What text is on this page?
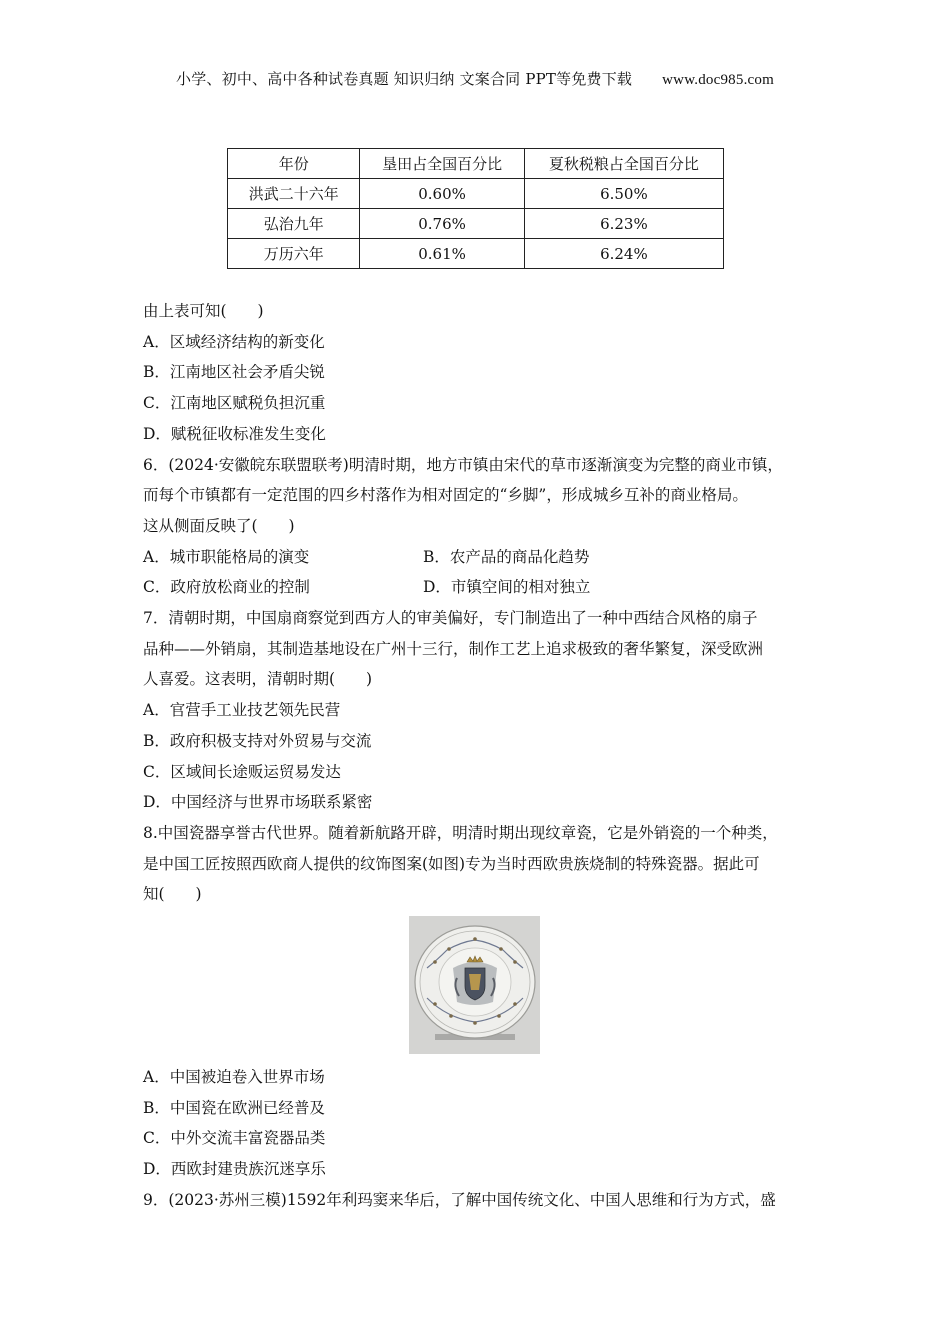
小学、初中、高中各种试卷真题 知识归纳 文案合同 PPT等免费下载 www.doc985.com
年份	垦田占全国百分比	夏秋税粮占全国百分比
洪武二十六年	0.60%	6.50%
弘治九年	0.76%	6.23%
万历六年	0.61%	6.24%
由上表可知(　　)
A．区域经济结构的新变化
B．江南地区社会矛盾尖锐
C．江南地区赋税负担沉重
D．赋税征收标准发生变化
6．(2024·安徽皖东联盟联考)明清时期，地方市镇由宋代的草市逐渐演变为完整的商业市镇，
而每个市镇都有一定范围的四乡村落作为相对固定的“乡脚”，形成城乡互补的商业格局。
这从侧面反映了(　　)
A．城市职能格局的演变	B．农产品的商品化趋势
C．政府放松商业的控制	D．市镇空间的相对独立
7．清朝时期，中国扇商察觉到西方人的审美偏好，专门制造出了一种中西结合风格的扇子
品种——外销扇，其制造基地设在广州十三行，制作工艺上追求极致的奢华繁复，深受欧洲
人喜爱。这表明，清朝时期(　　)
A．官营手工业技艺领先民营
B．政府积极支持对外贸易与交流
C．区域间长途贩运贸易发达
D．中国经济与世界市场联系紧密
8.中国瓷器享誉古代世界。随着新航路开辟，明清时期出现纹章瓷，它是外销瓷的一个种类，
是中国工匠按照西欧商人提供的纹饰图案(如图)专为当时西欧贵族烧制的特殊瓷器。据此可
知(　　)
A．中国被迫卷入世界市场
B．中国瓷在欧洲已经普及
C．中外交流丰富瓷器品类
D．西欧封建贵族沉迷享乐
9．(2023·苏州三模)1592年利玛窦来华后，了解中国传统文化、中国人思维和行为方式，盛
